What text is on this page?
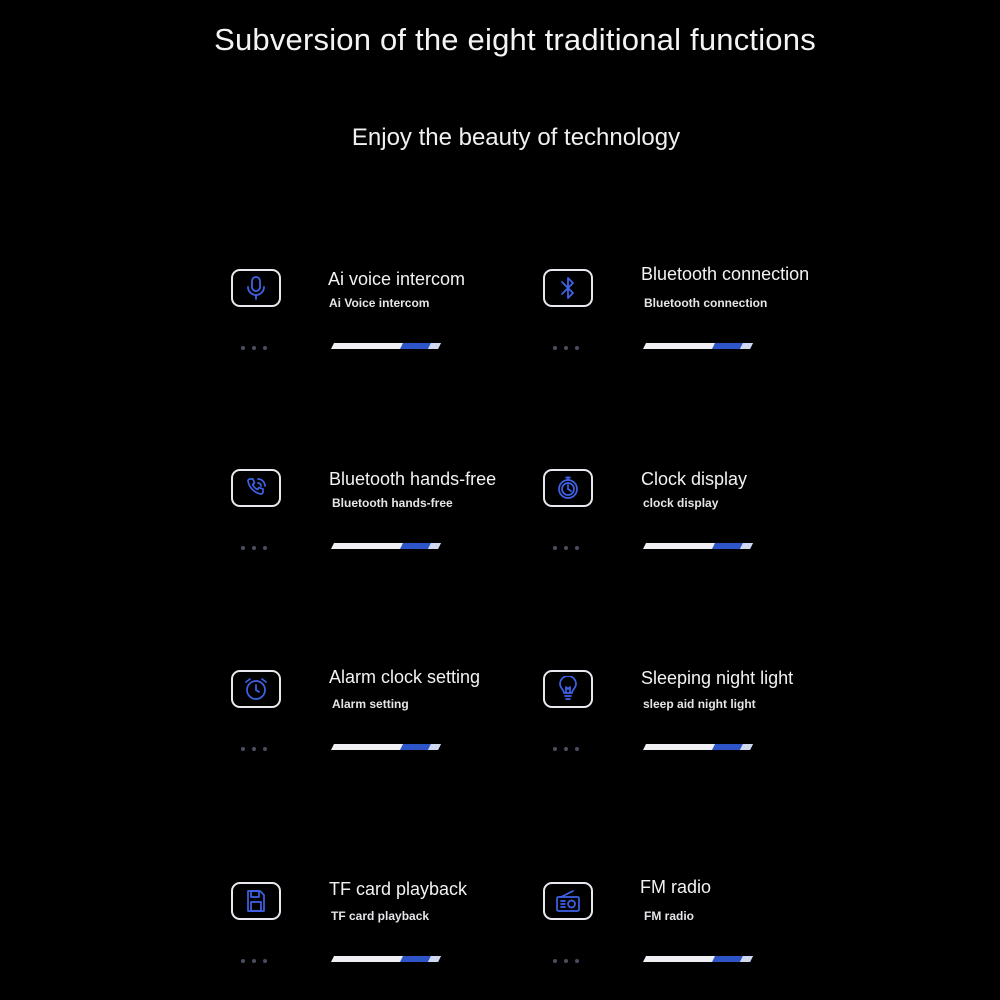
Subversion of the eight traditional functions
Enjoy the beauty of technology
Ai voice intercom
Ai Voice intercom
Bluetooth connection
Bluetooth connection
Bluetooth hands-free
Bluetooth hands-free
Clock display
clock display
Alarm clock setting
Alarm setting
Sleeping night light
sleep aid night light
TF card playback
TF card playback
FM radio
FM radio
